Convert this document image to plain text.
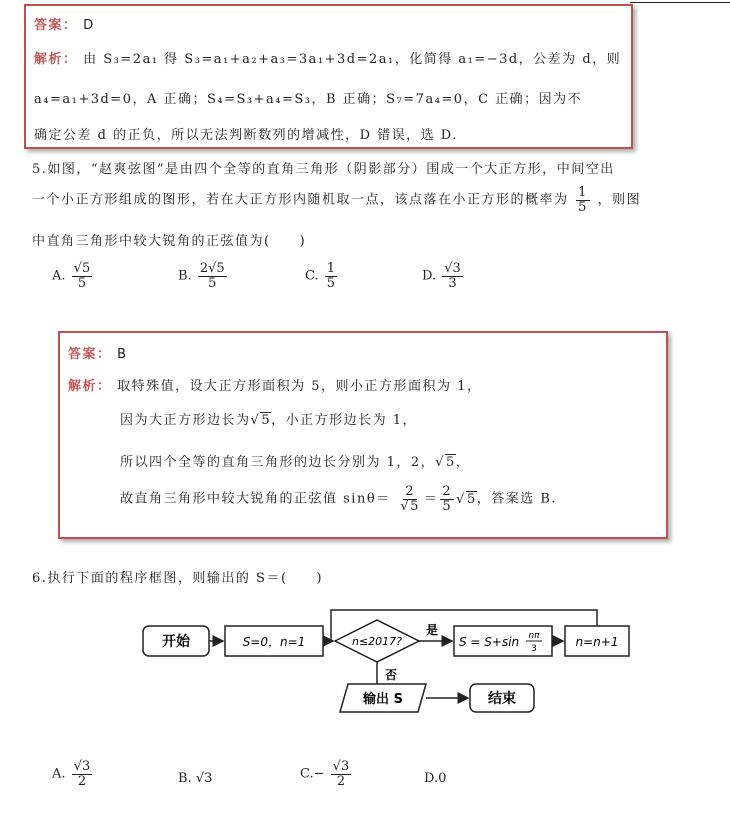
答案： D
解析： 由 S₃=2a₁ 得 S₃=a₁+a₂+a₃=3a₁+3d=2a₁，化简得 a₁=−3d，公差为 d，则
a₄=a₁+3d=0，A 正确；S₄=S₃+a₄=S₃，B 正确；S₇=7a₄=0，C 正确；因为不
确定公差 d 的正负，所以无法判断数列的增减性，D 错误，选 D.
5.如图，“赵爽弦图”是由四个全等的直角三角形（阴影部分）围成一个大正方形，中间空出
一个小正方形组成的图形，若在大正方形内随机取一点，该点落在小正方形的概率为 $\frac{1}{5}$ ，则图
中直角三角形中较大锐角的正弦值为(　　)
A. $\frac{√5}{5}$	B. $\frac{2√5}{5}$	C. $\frac{1}{5}$	D. $\frac{√3}{3}$
答案： B
解析： 取特殊值，设大正方形面积为 5，则小正方形面积为 1，
因为大正方形边长为 √ 5，小正方形边长为 1，
所以四个全等的直角三角形的边长分别为 1，2， √ 5，
故直角三角形中较大锐角的正弦值 $\sin\theta= \frac{2}{√5} = \frac{2}{5}$ √ 5，答案选 B.
6.执行下面的程序框图，则输出的 S＝(　　)
开始	S=0，n=1	n≤2017?
是
否
S = S+sin nπ
3	n=n+1
输出 S	结束
A. $\frac{√3}{2}$	B. √3	$C.- \frac{√3}{2}$	D.0
